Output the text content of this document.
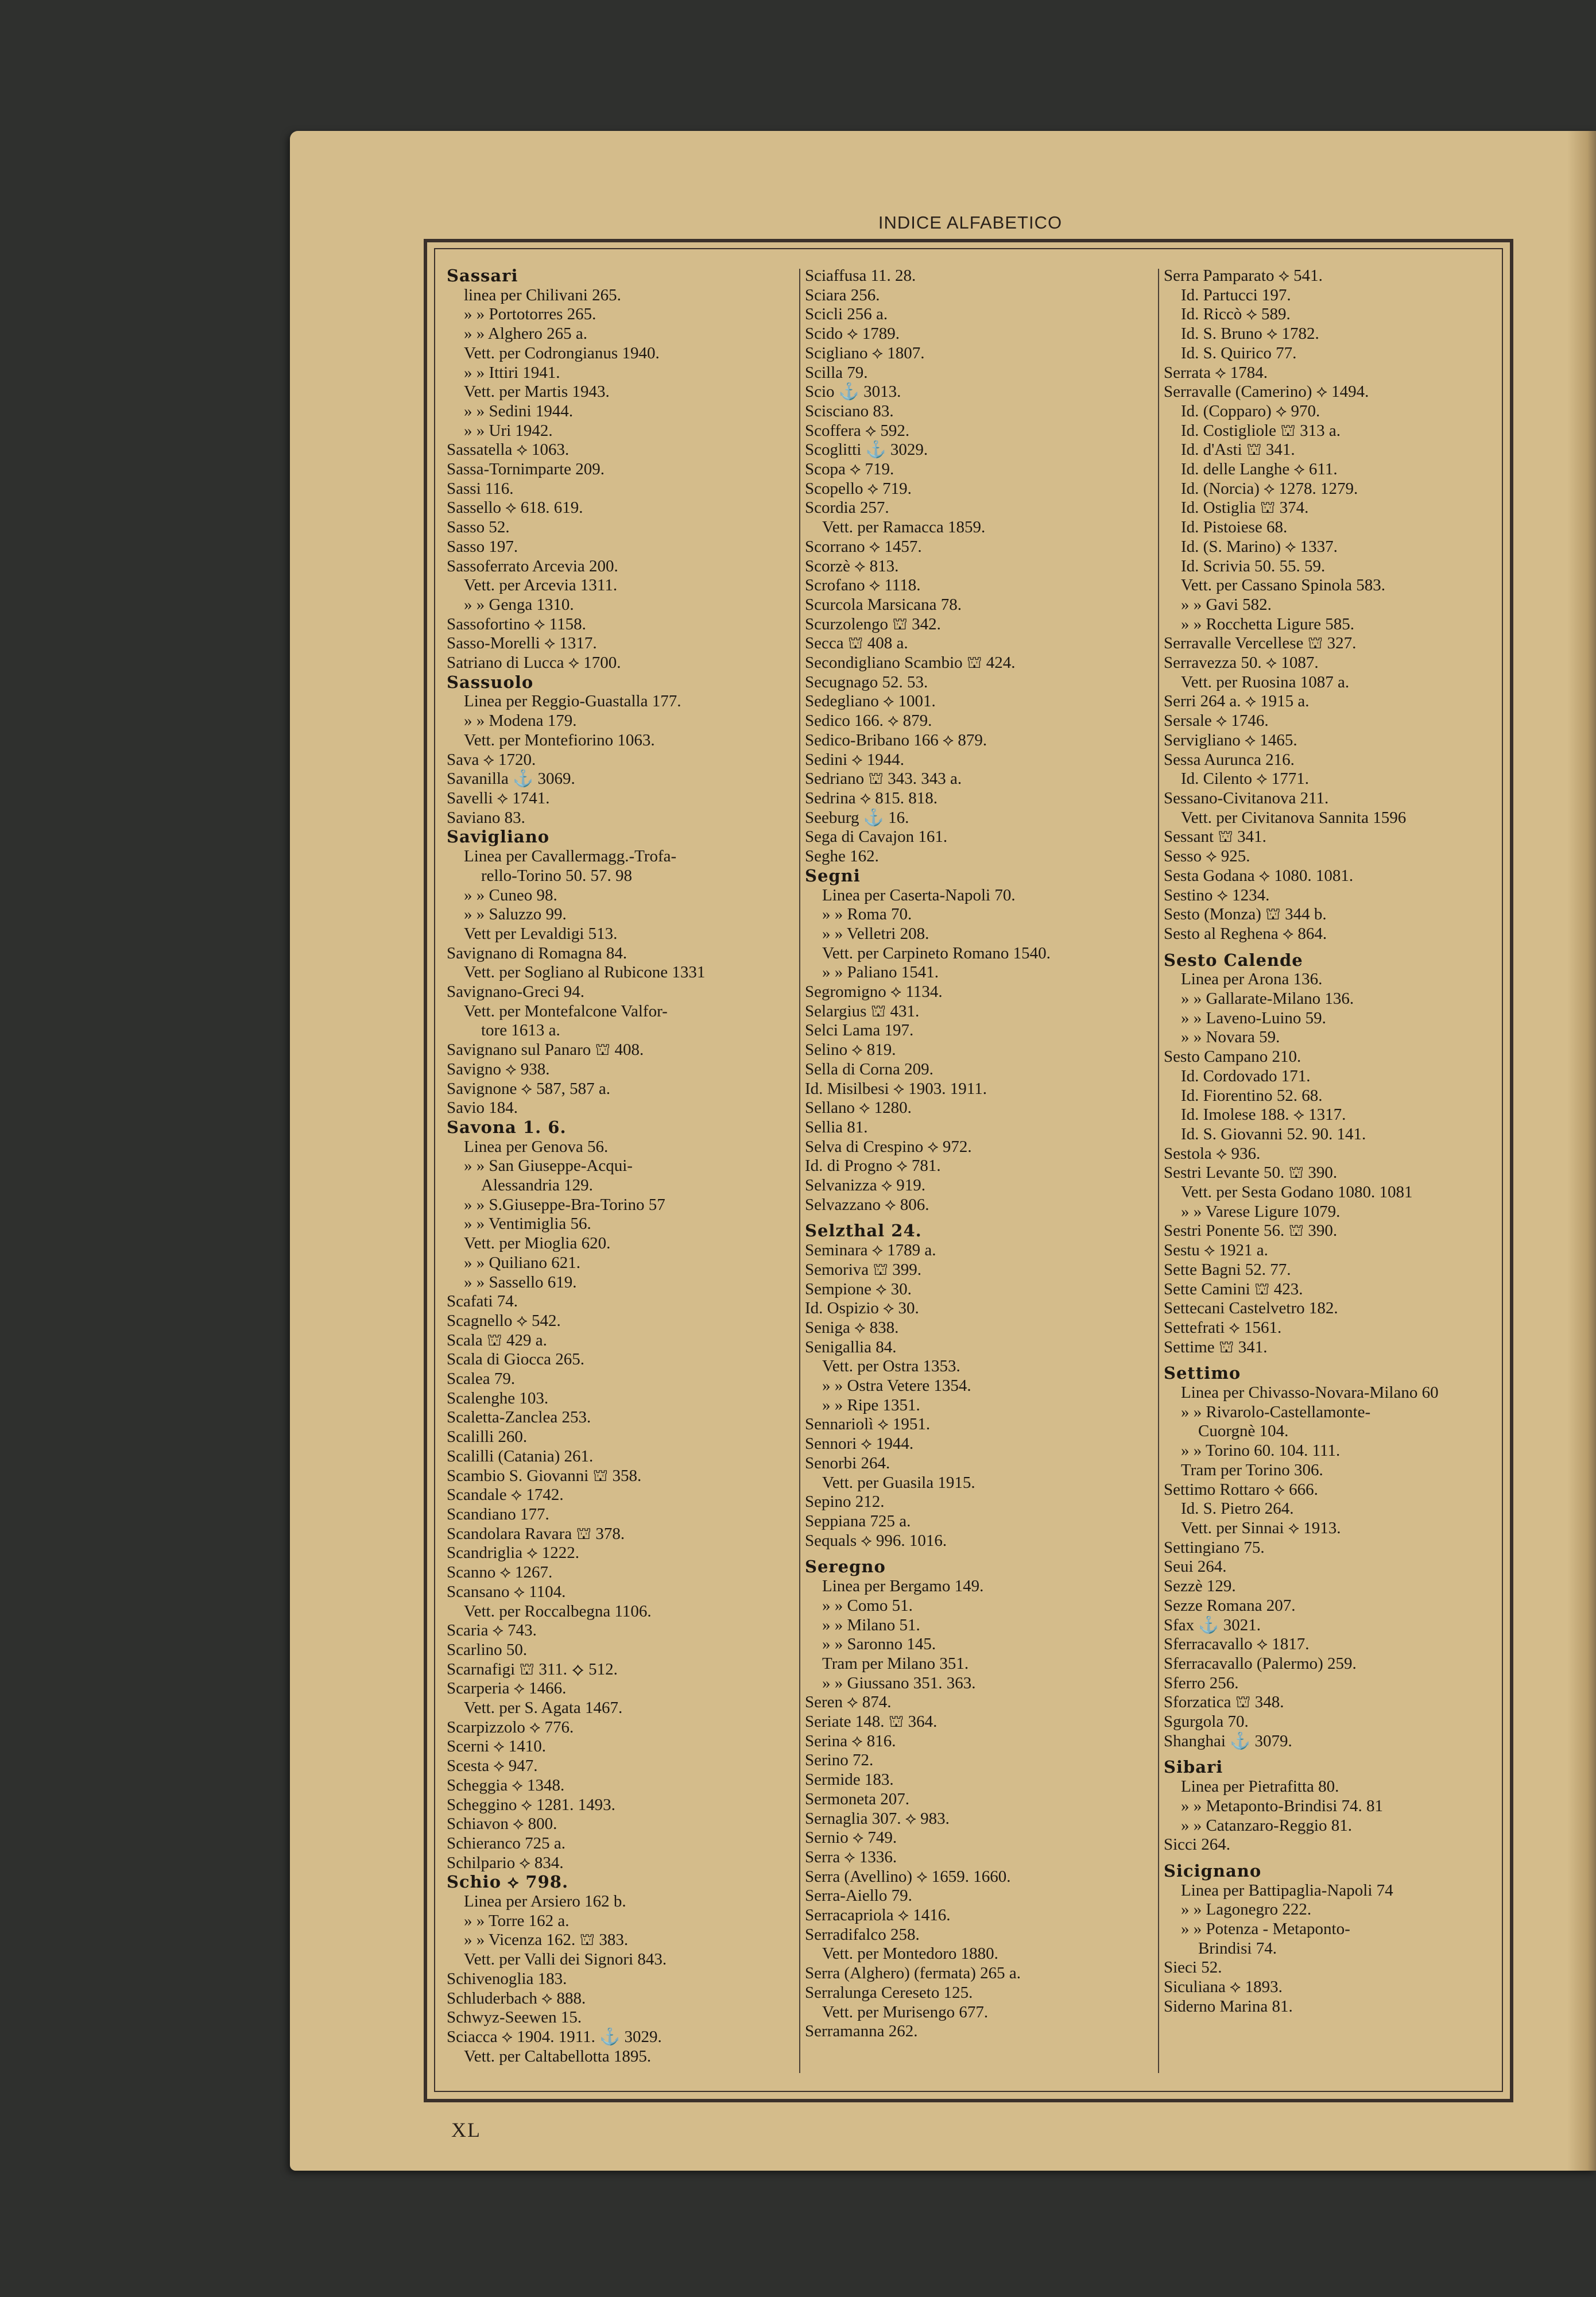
INDICE ALFABETICO
Sassari
linea per Chilivani 265.
» » Portotorres 265.
» » Alghero 265 a.
Vett. per Codrongianus 1940.
» » Ittiri 1941.
Vett. per Martis 1943.
» » Sedini 1944.
» » Uri 1942.
Sassatella ⟡ 1063.
Sassa-Tornimparte 209.
Sassi 116.
Sassello ⟡ 618. 619.
Sasso 52.
Sasso 197.
Sassoferrato Arcevia 200.
Vett. per Arcevia 1311.
» » Genga 1310.
Sassofortino ⟡ 1158.
Sasso-Morelli ⟡ 1317.
Satriano di Lucca ⟡ 1700.
Sassuolo
Linea per Reggio-Guastalla 177.
» » Modena 179.
Vett. per Montefiorino 1063.
Sava ⟡ 1720.
Savanilla ⚓ 3069.
Savelli ⟡ 1741.
Saviano 83.
Savigliano
Linea per Cavallermagg.-Trofa-
rello-Torino 50. 57. 98
» » Cuneo 98.
» » Saluzzo 99.
Vett per Levaldigi 513.
Savignano di Romagna 84.
Vett. per Sogliano al Rubicone 1331
Savignano-Greci 94.
Vett. per Montefalcone Valfor-
tore 1613 a.
Savignano sul Panaro ⛫ 408.
Savigno ⟡ 938.
Savignone ⟡ 587, 587 a.
Savio 184.
Savona 1. 6.
Linea per Genova 56.
» » San Giuseppe-Acqui-
Alessandria 129.
» » S.Giuseppe-Bra-Torino 57
» » Ventimiglia 56.
Vett. per Mioglia 620.
» » Quiliano 621.
» » Sassello 619.
Scafati 74.
Scagnello ⟡ 542.
Scala ⛫ 429 a.
Scala di Giocca 265.
Scalea 79.
Scalenghe 103.
Scaletta-Zanclea 253.
Scalilli 260.
Scalilli (Catania) 261.
Scambio S. Giovanni ⛫ 358.
Scandale ⟡ 1742.
Scandiano 177.
Scandolara Ravara ⛫ 378.
Scandriglia ⟡ 1222.
Scanno ⟡ 1267.
Scansano ⟡ 1104.
Vett. per Roccalbegna 1106.
Scaria ⟡ 743.
Scarlino 50.
Scarnafigi ⛫ 311. ⟡ 512.
Scarperia ⟡ 1466.
Vett. per S. Agata 1467.
Scarpizzolo ⟡ 776.
Scerni ⟡ 1410.
Scesta ⟡ 947.
Scheggia ⟡ 1348.
Scheggino ⟡ 1281. 1493.
Schiavon ⟡ 800.
Schieranco 725 a.
Schilpario ⟡ 834.
Schio ⟡ 798.
Linea per Arsiero 162 b.
» » Torre 162 a.
» » Vicenza 162. ⛫ 383.
Vett. per Valli dei Signori 843.
Schivenoglia 183.
Schluderbach ⟡ 888.
Schwyz-Seewen 15.
Sciacca ⟡ 1904. 1911. ⚓ 3029.
Vett. per Caltabellotta 1895.
Sciaffusa 11. 28.
Sciara 256.
Scicli 256 a.
Scido ⟡ 1789.
Scigliano ⟡ 1807.
Scilla 79.
Scio ⚓ 3013.
Scisciano 83.
Scoffera ⟡ 592.
Scoglitti ⚓ 3029.
Scopa ⟡ 719.
Scopello ⟡ 719.
Scordia 257.
Vett. per Ramacca 1859.
Scorrano ⟡ 1457.
Scorzè ⟡ 813.
Scrofano ⟡ 1118.
Scurcola Marsicana 78.
Scurzolengo ⛫ 342.
Secca ⛫ 408 a.
Secondigliano Scambio ⛫ 424.
Secugnago 52. 53.
Sedegliano ⟡ 1001.
Sedico 166. ⟡ 879.
Sedico-Bribano 166 ⟡ 879.
Sedini ⟡ 1944.
Sedriano ⛫ 343. 343 a.
Sedrina ⟡ 815. 818.
Seeburg ⚓ 16.
Sega di Cavajon 161.
Seghe 162.
Segni
Linea per Caserta-Napoli 70.
» » Roma 70.
» » Velletri 208.
Vett. per Carpineto Romano 1540.
» » Paliano 1541.
Segromigno ⟡ 1134.
Selargius ⛫ 431.
Selci Lama 197.
Selino ⟡ 819.
Sella di Corna 209.
Id. Misilbesi ⟡ 1903. 1911.
Sellano ⟡ 1280.
Sellia 81.
Selva di Crespino ⟡ 972.
Id. di Progno ⟡ 781.
Selvanizza ⟡ 919.
Selvazzano ⟡ 806.
Selzthal 24.
Seminara ⟡ 1789 a.
Semoriva ⛫ 399.
Sempione ⟡ 30.
Id. Ospizio ⟡ 30.
Seniga ⟡ 838.
Senigallia 84.
Vett. per Ostra 1353.
» » Ostra Vetere 1354.
» » Ripe 1351.
Sennariolì ⟡ 1951.
Sennori ⟡ 1944.
Senorbi 264.
Vett. per Guasila 1915.
Sepino 212.
Seppiana 725 a.
Sequals ⟡ 996. 1016.
Seregno
Linea per Bergamo 149.
» » Como 51.
» » Milano 51.
» » Saronno 145.
Tram per Milano 351.
» » Giussano 351. 363.
Seren ⟡ 874.
Seriate 148. ⛫ 364.
Serina ⟡ 816.
Serino 72.
Sermide 183.
Sermoneta 207.
Sernaglia 307. ⟡ 983.
Sernio ⟡ 749.
Serra ⟡ 1336.
Serra (Avellino) ⟡ 1659. 1660.
Serra-Aiello 79.
Serracapriola ⟡ 1416.
Serradifalco 258.
Vett. per Montedoro 1880.
Serra (Alghero) (fermata) 265 a.
Serralunga Cereseto 125.
Vett. per Murisengo 677.
Serramanna 262.
Serra Pamparato ⟡ 541.
Id. Partucci 197.
Id. Riccò ⟡ 589.
Id. S. Bruno ⟡ 1782.
Id. S. Quirico 77.
Serrata ⟡ 1784.
Serravalle (Camerino) ⟡ 1494.
Id. (Copparo) ⟡ 970.
Id. Costigliole ⛫ 313 a.
Id. d'Asti ⛫ 341.
Id. delle Langhe ⟡ 611.
Id. (Norcia) ⟡ 1278. 1279.
Id. Ostiglia ⛫ 374.
Id. Pistoiese 68.
Id. (S. Marino) ⟡ 1337.
Id. Scrivia 50. 55. 59.
Vett. per Cassano Spinola 583.
» » Gavi 582.
» » Rocchetta Ligure 585.
Serravalle Vercellese ⛫ 327.
Serravezza 50. ⟡ 1087.
Vett. per Ruosina 1087 a.
Serri 264 a. ⟡ 1915 a.
Sersale ⟡ 1746.
Servigliano ⟡ 1465.
Sessa Aurunca 216.
Id. Cilento ⟡ 1771.
Sessano-Civitanova 211.
Vett. per Civitanova Sannita 1596
Sessant ⛫ 341.
Sesso ⟡ 925.
Sesta Godana ⟡ 1080. 1081.
Sestino ⟡ 1234.
Sesto (Monza) ⛫ 344 b.
Sesto al Reghena ⟡ 864.
Sesto Calende
Linea per Arona 136.
» » Gallarate-Milano 136.
» » Laveno-Luino 59.
» » Novara 59.
Sesto Campano 210.
Id. Cordovado 171.
Id. Fiorentino 52. 68.
Id. Imolese 188. ⟡ 1317.
Id. S. Giovanni 52. 90. 141.
Sestola ⟡ 936.
Sestri Levante 50. ⛫ 390.
Vett. per Sesta Godano 1080. 1081
» » Varese Ligure 1079.
Sestri Ponente 56. ⛫ 390.
Sestu ⟡ 1921 a.
Sette Bagni 52. 77.
Sette Camini ⛫ 423.
Settecani Castelvetro 182.
Settefrati ⟡ 1561.
Settime ⛫ 341.
Settimo
Linea per Chivasso-Novara-Milano 60
» » Rivarolo-Castellamonte-
Cuorgnè 104.
» » Torino 60. 104. 111.
Tram per Torino 306.
Settimo Rottaro ⟡ 666.
Id. S. Pietro 264.
Vett. per Sinnai ⟡ 1913.
Settingiano 75.
Seui 264.
Sezzè 129.
Sezze Romana 207.
Sfax ⚓ 3021.
Sferracavallo ⟡ 1817.
Sferracavallo (Palermo) 259.
Sferro 256.
Sforzatica ⛫ 348.
Sgurgola 70.
Shanghai ⚓ 3079.
Sibari
Linea per Pietrafitta 80.
» » Metaponto-Brindisi 74. 81
» » Catanzaro-Reggio 81.
Sicci 264.
Sicignano
Linea per Battipaglia-Napoli 74
» » Lagonegro 222.
» » Potenza - Metaponto-
Brindisi 74.
Sieci 52.
Siculiana ⟡ 1893.
Siderno Marina 81.
XL
